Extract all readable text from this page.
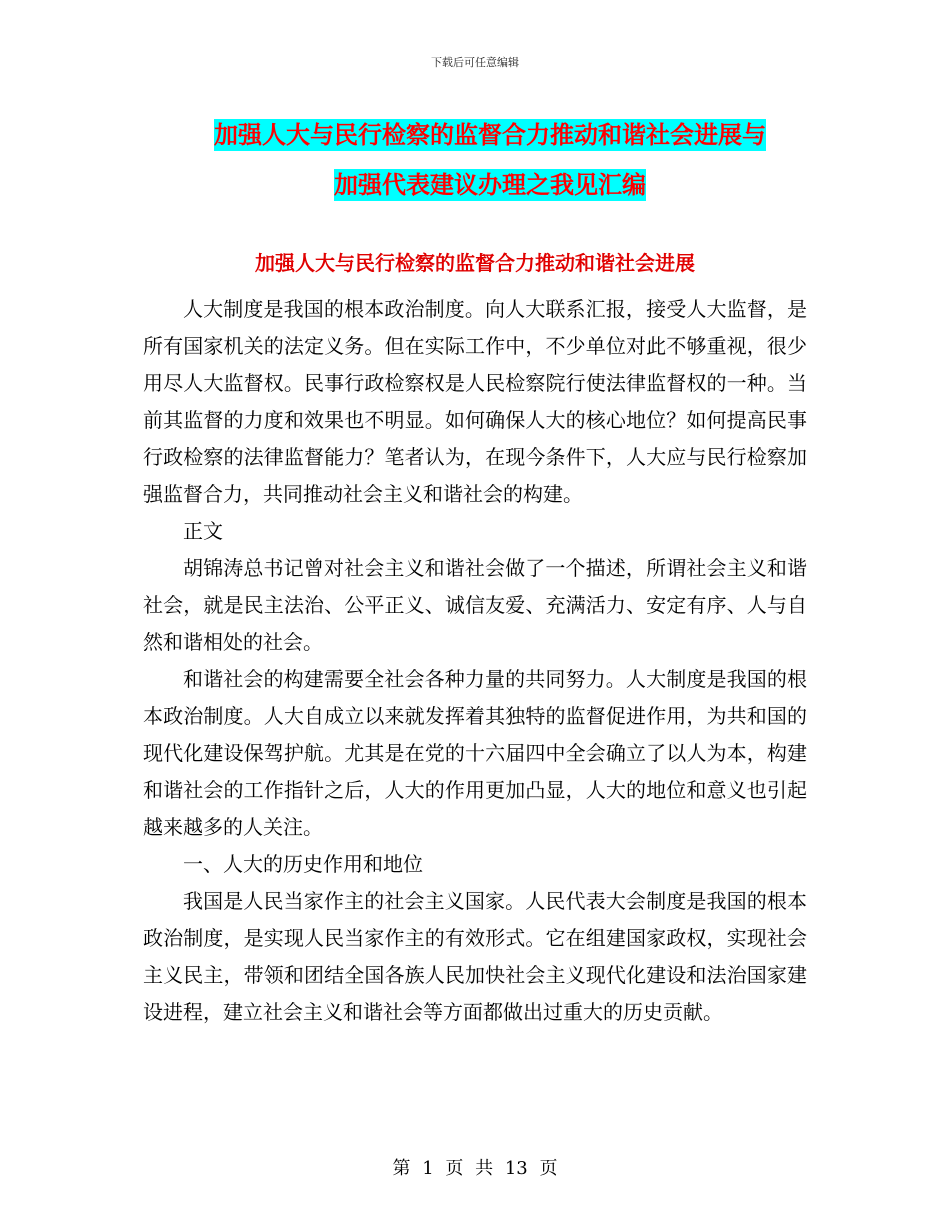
下载后可任意编辑
加强人大与民行检察的监督合力推动和谐社会进展与
加强代表建议办理之我见汇编
加强人大与民行检察的监督合力推动和谐社会进展

人大制度是我国的根本政治制度。向人大联系汇报，接受人大监督，是所有国家机关的法定义务。但在实际工作中，不少单位对此不够重视，很少用尽人大监督权。民事行政检察权是人民检察院行使法律监督权的一种。当前其监督的力度和效果也不明显。如何确保人大的核心地位？如何提高民事行政检察的法律监督能力？笔者认为，在现今条件下，人大应与民行检察加强监督合力，共同推动社会主义和谐社会的构建。

正文

胡锦涛总书记曾对社会主义和谐社会做了一个描述，所谓社会主义和谐社会，就是民主法治、公平正义、诚信友爱、充满活力、安定有序、人与自然和谐相处的社会。

和谐社会的构建需要全社会各种力量的共同努力。人大制度是我国的根本政治制度。人大自成立以来就发挥着其独特的监督促进作用，为共和国的现代化建设保驾护航。尤其是在党的十六届四中全会确立了以人为本，构建和谐社会的工作指针之后，人大的作用更加凸显，人大的地位和意义也引起越来越多的人关注。

一、人大的历史作用和地位

我国是人民当家作主的社会主义国家。人民代表大会制度是我国的根本政治制度，是实现人民当家作主的有效形式。它在组建国家政权，实现社会主义民主，带领和团结全国各族人民加快社会主义现代化建设和法治国家建设进程，建立社会主义和谐社会等方面都做出过重大的历史贡献。

第 1 页 共 13 页
